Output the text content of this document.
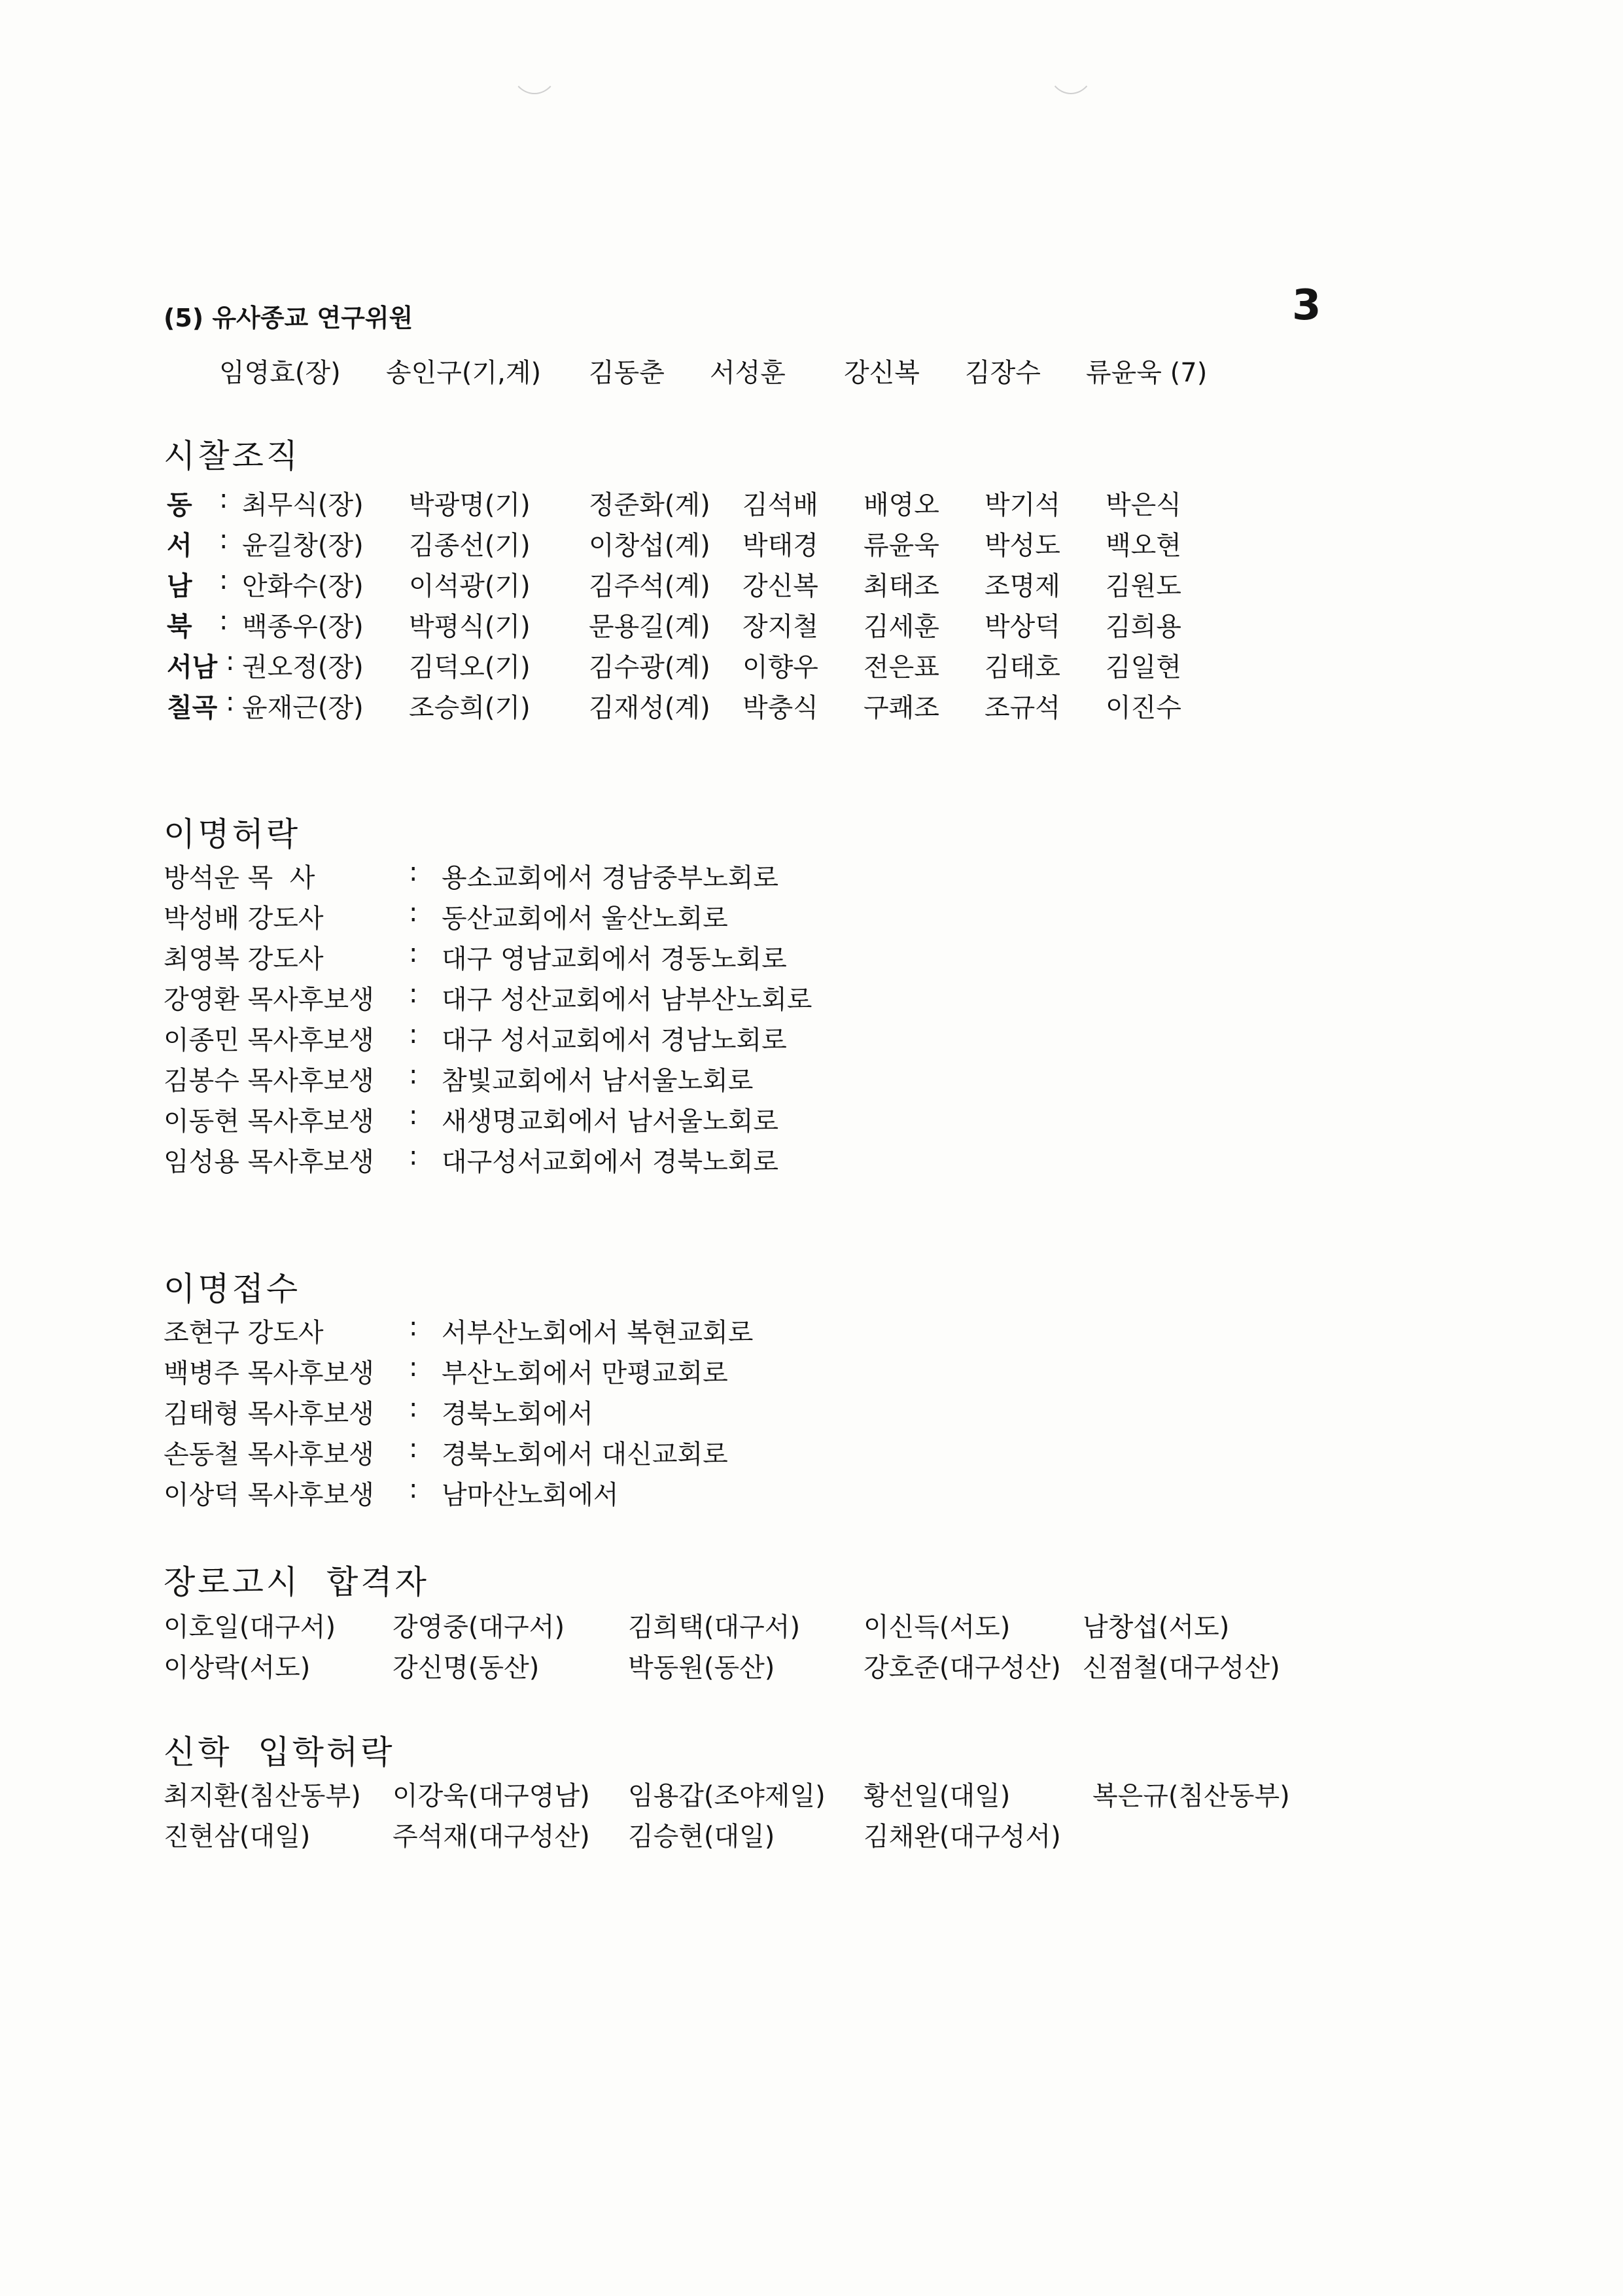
3
(5) 유사종교 연구위원
임영효(장) 송인구(기,계) 김동춘 서성훈 강신복 김장수 류윤욱 (7)
시찰조직
동 : 최무식(장) 박광명(기) 정준화(계) 김석배 배영오 박기석 박은식
서 : 윤길창(장) 김종선(기) 이창섭(계) 박태경 류윤욱 박성도 백오현
남 : 안화수(장) 이석광(기) 김주석(계) 강신복 최태조 조명제 김원도
북 : 백종우(장) 박평식(기) 문용길(계) 장지철 김세훈 박상덕 김희용
서남 : 권오정(장) 김덕오(기) 김수광(계) 이향우 전은표 김태호 김일현
칠곡 : 윤재근(장) 조승희(기) 김재성(계) 박충식 구쾌조 조규석 이진수
이명허락
방석운 목  사	: 용소교회에서 경남중부노회로
박성배 강도사	: 동산교회에서 울산노회로
최영복 강도사	: 대구 영남교회에서 경동노회로
강영환 목사후보생 : 대구 성산교회에서 남부산노회로
이종민 목사후보생 : 대구 성서교회에서 경남노회로
김봉수 목사후보생 : 참빛교회에서 남서울노회로
이동현 목사후보생 : 새생명교회에서 남서울노회로
임성용 목사후보생 : 대구성서교회에서 경북노회로
이명접수
조현구 강도사	: 서부산노회에서 복현교회로
백병주 목사후보생 : 부산노회에서 만평교회로
김태형 목사후보생 : 경북노회에서
손동철 목사후보생 : 경북노회에서 대신교회로
이상덕 목사후보생 : 남마산노회에서
장로고시  합격자
이호일(대구서) 강영중(대구서) 김희택(대구서) 이신득(서도)	남창섭(서도)
이상락(서도)	강신명(동산)	박동원(동산)	강호준(대구성산) 신점철(대구성산)
신학  입학허락
최지환(침산동부) 이강욱(대구영남) 임용갑(조야제일) 황선일(대일)	복은규(침산동부)
진현삼(대일)	주석재(대구성산) 김승현(대일)	김채완(대구성서)
